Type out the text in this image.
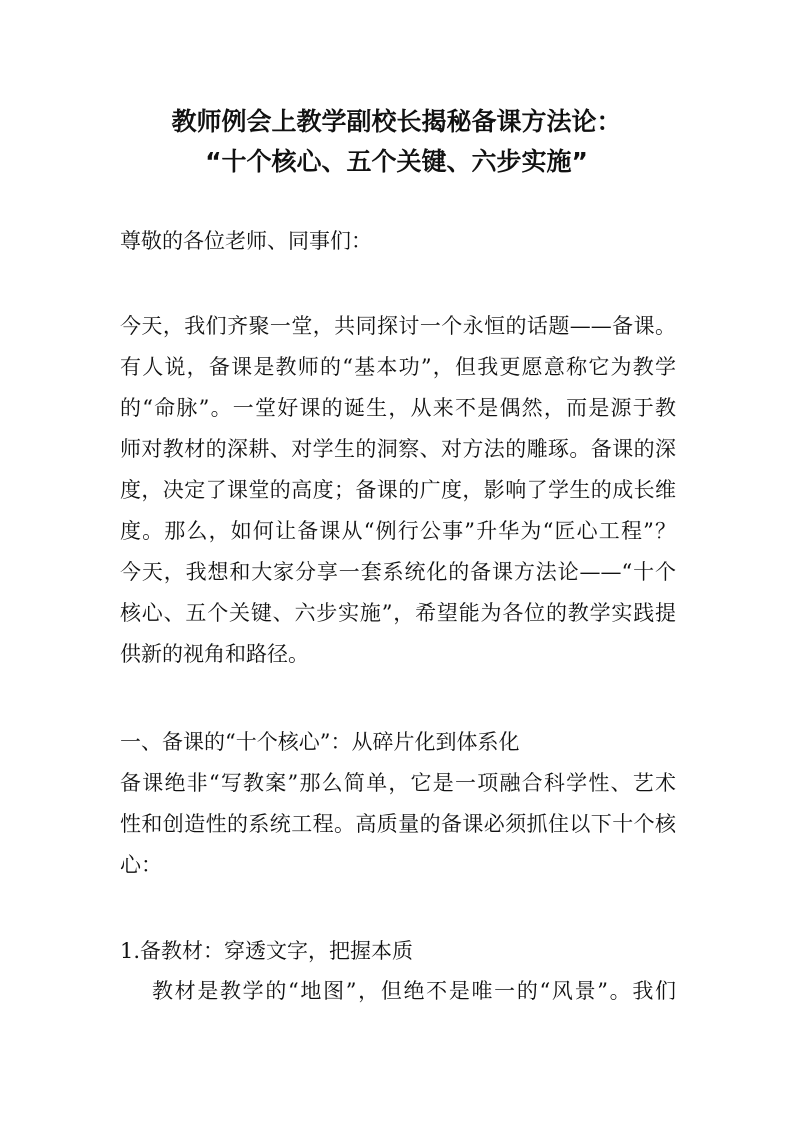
教师例会上教学副校长揭秘备课方法论：
“十个核心、五个关键、六步实施”
尊敬的各位老师、同事们：
今天，我们齐聚一堂，共同探讨一个永恒的话题——备课。
有人说，备课是教师的“基本功”，但我更愿意称它为教学
的“命脉”。一堂好课的诞生，从来不是偶然，而是源于教
师对教材的深耕、对学生的洞察、对方法的雕琢。备课的深
度，决定了课堂的高度；备课的广度，影响了学生的成长维
度。那么，如何让备课从“例行公事”升华为“匠心工程”？
今天，我想和大家分享一套系统化的备课方法论——“十个
核心、五个关键、六步实施”，希望能为各位的教学实践提
供新的视角和路径。
一、备课的“十个核心”：从碎片化到体系化
备课绝非“写教案”那么简单，它是一项融合科学性、艺术
性和创造性的系统工程。高质量的备课必须抓住以下十个核
心：
1.备教材：穿透文字，把握本质
教材是教学的“地图”，但绝不是唯一的“风景”。我们
